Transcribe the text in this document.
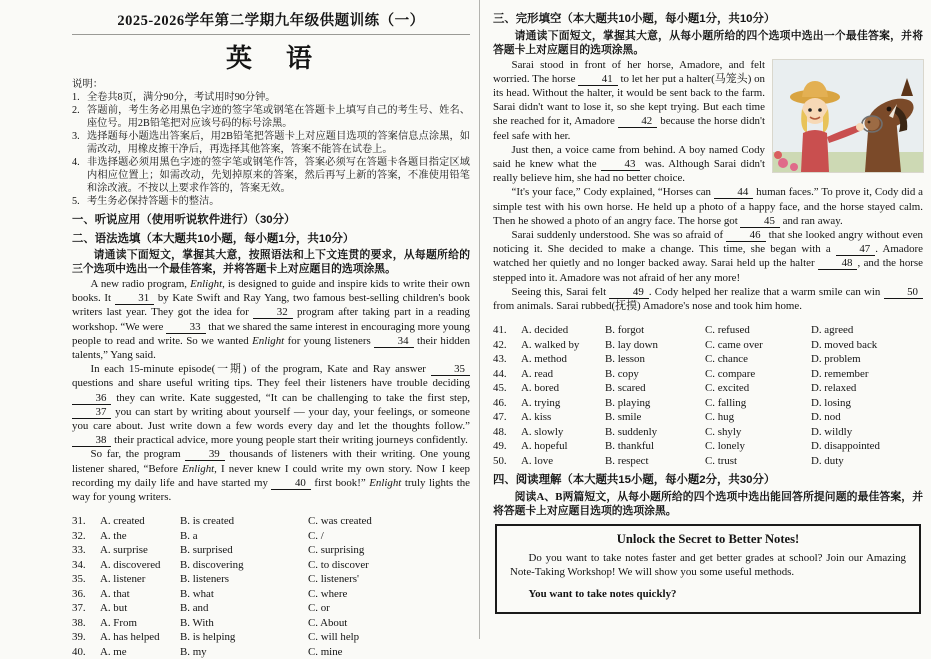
2025-2026学年第二学期九年级供题训练（一）
英　语
说明：
1. 全卷共8页，满分90分，考试用时90分钟。
2. 答题前，考生务必用黑色字迹的签字笔或钢笔在答题卡上填写自己的考生号、姓名、座位号。用2B铅笔把对应该号码的标号涂黑。
3. 选择题每小题选出答案后，用2B铅笔把答题卡上对应题目选项的答案信息点涂黑，如需改动，用橡皮擦干净后，再选择其他答案，答案不能答在试卷上。
4. 非选择题必须用黑色字迹的签字笔或钢笔作答，答案必须写在答题卡各题目指定区域内相应位置上；如需改动，先划掉原来的答案，然后再写上新的答案，不准使用铅笔和涂改液。不按以上要求作答的，答案无效。
5. 考生务必保持答题卡的整洁。
一、听说应用（使用听说软件进行）（30分）
二、语法选填（本大题共10小题，每小题1分，共10分）

请通读下面短文，掌握其大意，按照语法和上下文连贯的要求，从每题所给的三个选项中选出一个最佳答案，并将答题卡上对应题目的选项涂黑。

A new radio program, Enlight, is designed to guide and inspire kids to write their own books. It 31 by Kate Swift and Ray Yang, two famous best-selling children's book writers last year. They got the idea for 32 program after taking part in a reading workshop. “We were 33 that we shared the same interest in encouraging more young people to read and write. So we wanted Enlight for young listeners 34 their hidden talents,” Yang said.

In each 15-minute episode(一期) of the program, Kate and Ray answer 35 questions and share useful writing tips. They feel their listeners have trouble deciding 36 they can write. Kate suggested, “It can be challenging to take the first step, 37 you can start by writing about yourself — your day, your feelings, or someone you care about. Just write down a few words every day and let the thoughts follow.” 38 their practical advice, more young people start their writing journeys confidently.

So far, the program 39 thousands of listeners with their writing. One young listener shared, “Before Enlight, I never knew I could write my own story. Now I keep recording my daily life and have started my 40 first book!” Enlight truly lights the way for young writers.

31.	A. created	B. is created	C. was created
32.	A. the	B. a	C. /
33.	A. surprise	B. surprised	C. surprising
34.	A. discovered	B. discovering	C. to discover
35.	A. listener	B. listeners	C. listeners'
36.	A. that	B. what	C. where
37.	A. but	B. and	C. or
38.	A. From	B. With	C. About
39.	A. has helped	B. is helping	C. will help
40.	A. me	B. my	C. mine
三、完形填空（本大题共10小题，每小题1分，共10分）

请通读下面短文，掌握其大意，从每小题所给的四个选项中选出一个最佳答案，并将答题卡上对应题目的选项涂黑。

Sarai stood in front of her horse, Amadore, and felt worried. The horse 41 to let her put a halter(马笼头) on its head. Without the halter, it would be sent back to the farm. Sarai didn't want to lose it, so she kept trying. But each time she reached for it, Amadore 42 because the horse didn't feel safe with her.

Just then, a voice came from behind. A boy named Cody said he knew what the 43 was. Although Sarai didn't really believe him, she had no better choice.

“It's your face,” Cody explained, “Horses can 44 human faces.” To prove it, Cody did a simple test with his own horse. He held up a photo of a happy face, and the horse stayed calm. Then he showed a photo of an angry face. The horse got 45 and ran away.

Sarai suddenly understood. She was so afraid of 46 that she looked angry without even noticing it. She decided to make a change. This time, she began with a 47 . Amadore watched her quietly and no longer backed away. Sarai held up the halter 48 , and the horse stepped into it. Amadore was not afraid of her any more!

Seeing this, Sarai felt 49 . Cody helped her realize that a warm smile can win 50 from animals. Sarai rubbed(抚摸) Amadore's nose and took him home.

41.	A. decided	B. forgot	C. refused	D. agreed
42.	A. walked by	B. lay down	C. came over	D. moved back
43.	A. method	B. lesson	C. chance	D. problem
44.	A. read	B. copy	C. compare	D. remember
45.	A. bored	B. scared	C. excited	D. relaxed
46.	A. trying	B. playing	C. falling	D. losing
47.	A. kiss	B. smile	C. hug	D. nod
48.	A. slowly	B. suddenly	C. shyly	D. wildly
49.	A. hopeful	B. thankful	C. lonely	D. disappointed
50.	A. love	B. respect	C. trust	D. duty
四、阅读理解（本大题共15小题，每小题2分，共30分）

阅读A、B两篇短文，从每小题所给的四个选项中选出能回答所提问题的最佳答案，并将答题卡上对应题目选项的选项涂黑。

Unlock the Secret to Better Notes!

Do you want to take notes faster and get better grades at school? Join our Amazing Note-Taking Workshop! We will show you some useful methods.

You want to take notes quickly?
